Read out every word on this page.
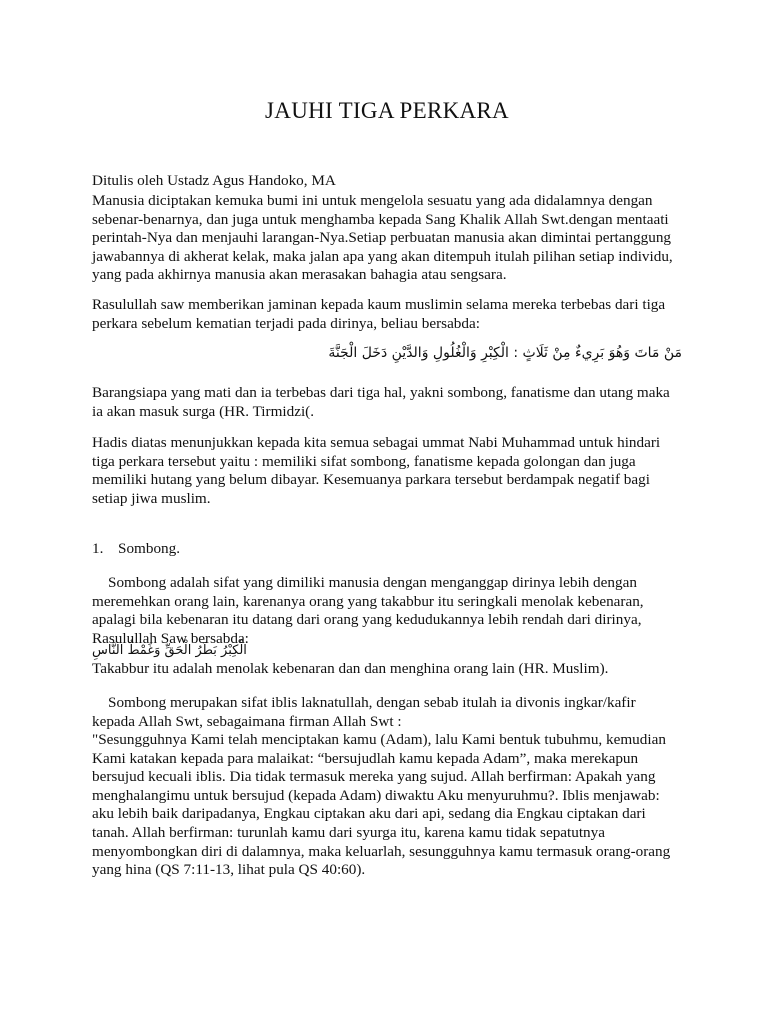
JAUHI TIGA PERKARA

Ditulis oleh Ustadz Agus Handoko, MA

Manusia diciptakan kemuka bumi ini untuk mengelola sesuatu yang ada didalamnya dengan sebenar-benarnya, dan juga untuk menghamba kepada Sang Khalik Allah Swt.dengan mentaati perintah-Nya dan menjauhi larangan-Nya.Setiap perbuatan manusia akan dimintai pertanggung jawabannya di akherat kelak, maka jalan apa yang akan ditempuh itulah pilihan setiap individu, yang pada akhirnya manusia akan merasakan bahagia atau sengsara.

Rasulullah saw memberikan jaminan kepada kaum muslimin selama mereka terbebas dari tiga perkara sebelum kematian terjadi pada dirinya, beliau bersabda:

مَنْ مَاتَ وَهُوَ بَرِيءٌ مِنْ ثَلَاثٍ : الْكِبْرِ وَالْغُلُولِ وَالدَّيْنِ دَخَلَ الْجَنَّةَ

Barangsiapa yang mati dan ia terbebas dari tiga hal, yakni sombong, fanatisme dan utang maka ia akan masuk surga (HR. Tirmidzi(.

Hadis diatas menunjukkan kepada kita semua sebagai ummat Nabi Muhammad untuk hindari tiga perkara tersebut yaitu : memiliki sifat sombong, fanatisme kepada golongan dan juga memiliki hutang yang belum dibayar. Kesemuanya parkara tersebut berdampak negatif bagi setiap jiwa muslim.

1. Sombong.

Sombong adalah sifat yang dimiliki manusia dengan menganggap dirinya lebih dengan meremehkan orang lain, karenanya orang yang takabbur itu seringkali menolak kebenaran, apalagi bila kebenaran itu datang dari orang yang kedudukannya lebih rendah dari dirinya, Rasulullah Saw bersabda:

الْكِبْرُ بَطَرُ الْحَقِّ وَغَمْطُ النَّاسِ

Takabbur itu adalah menolak kebenaran dan dan menghina orang lain (HR. Muslim).

Sombong merupakan sifat iblis laknatullah, dengan sebab itulah ia divonis ingkar/kafir kepada Allah Swt, sebagaimana firman Allah Swt :

"Sesungguhnya Kami telah menciptakan kamu (Adam), lalu Kami bentuk tubuhmu, kemudian Kami katakan kepada para malaikat: “bersujudlah kamu kepada Adam”, maka merekapun bersujud kecuali iblis. Dia tidak termasuk mereka yang sujud. Allah berfirman: Apakah yang menghalangimu untuk bersujud (kepada Adam) diwaktu Aku menyuruhmu?. Iblis menjawab: aku lebih baik daripadanya, Engkau ciptakan aku dari api, sedang dia Engkau ciptakan dari tanah. Allah berfirman: turunlah kamu dari syurga itu, karena kamu tidak sepatutnya menyombongkan diri di dalamnya, maka keluarlah, sesungguhnya kamu termasuk orang-orang yang hina (QS 7:11-13, lihat pula QS 40:60).
